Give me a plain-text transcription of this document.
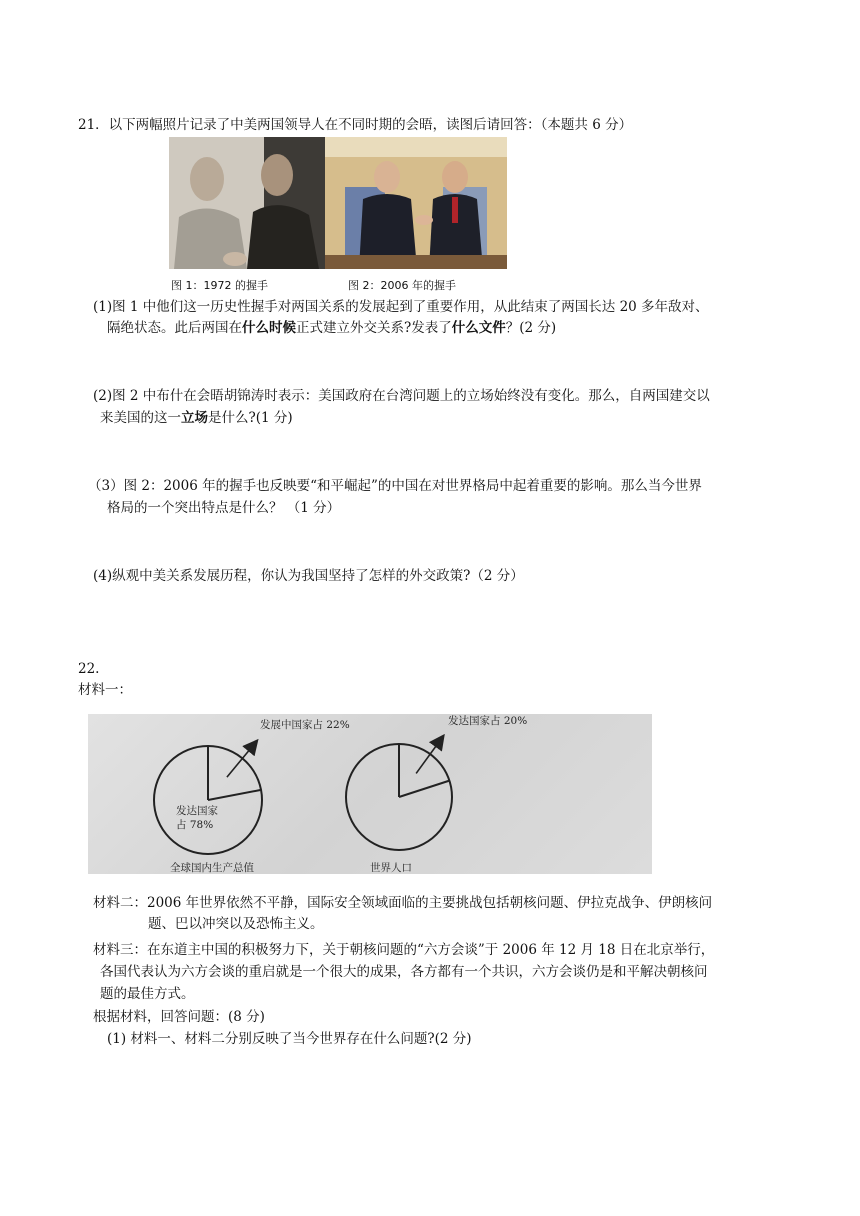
21．以下两幅照片记录了中美两国领导人在不同时期的会晤，读图后请回答：（本题共 6 分）
图 1：1972 的握手	图 2：2006 年的握手
(1)图 1 中他们这一历史性握手对两国关系的发展起到了重要作用，从此结束了两国长达 20 多年敌对、
隔绝状态。此后两国在什么时候正式建立外交关系?发表了什么文件？(2 分)
(2)图 2 中布什在会晤胡锦涛时表示：美国政府在台湾问题上的立场始终没有变化。那么，自两国建交以
来美国的这一立场是什么?(1 分)
（3）图 2：2006 年的握手也反映要“和平崛起”的中国在对世界格局中起着重要的影响。那么当今世界
格局的一个突出特点是什么？ （1 分）
(4)纵观中美关系发展历程，你认为我国坚持了怎样的外交政策?（2 分）
22.
材料一：
发展中国家占 22%
发达国家
占 78%
全球国内生产总值
发达国家占 20%
世界人口
材料二：2006 年世界依然不平静，国际安全领域面临的主要挑战包括朝核问题、伊拉克战争、伊朗核问
题、巴以冲突以及恐怖主义。
材料三：在东道主中国的积极努力下，关于朝核问题的“六方会谈”于 2006 年 12 月 18 日在北京举行，
各国代表认为六方会谈的重启就是一个很大的成果，各方都有一个共识，六方会谈仍是和平解决朝核问
题的最佳方式。
根据材料，回答问题：(8 分)
(1) 材料一、材料二分别反映了当今世界存在什么问题?(2 分)
